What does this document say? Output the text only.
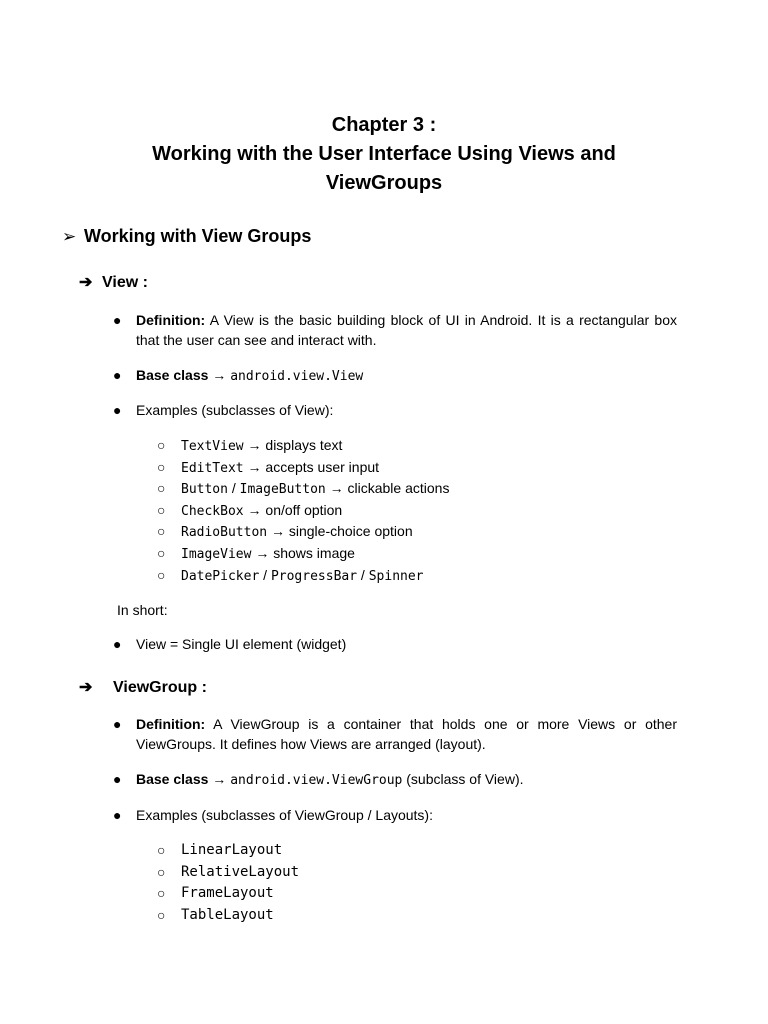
Chapter 3 :
Working with the User Interface Using Views and
ViewGroups
➢ Working with View Groups
➔ View :
● Definition: A View is the basic building block of UI in Android. It is a rectangular box that the user can see and interact with.
● Base class → android.view.View
● Examples (subclasses of View):
○ TextView → displays text
○ EditText → accepts user input
○ Button / ImageButton → clickable actions
○ CheckBox → on/off option
○ RadioButton → single-choice option
○ ImageView → shows image
○ DatePicker / ProgressBar / Spinner
In short:
● View = Single UI element (widget)
➔ ViewGroup :
● Definition: A ViewGroup is a container that holds one or more Views or other ViewGroups. It defines how Views are arranged (layout).
● Base class → android.view.ViewGroup (subclass of View).
● Examples (subclasses of ViewGroup / Layouts):
○ LinearLayout
○ RelativeLayout
○ FrameLayout
○ TableLayout
